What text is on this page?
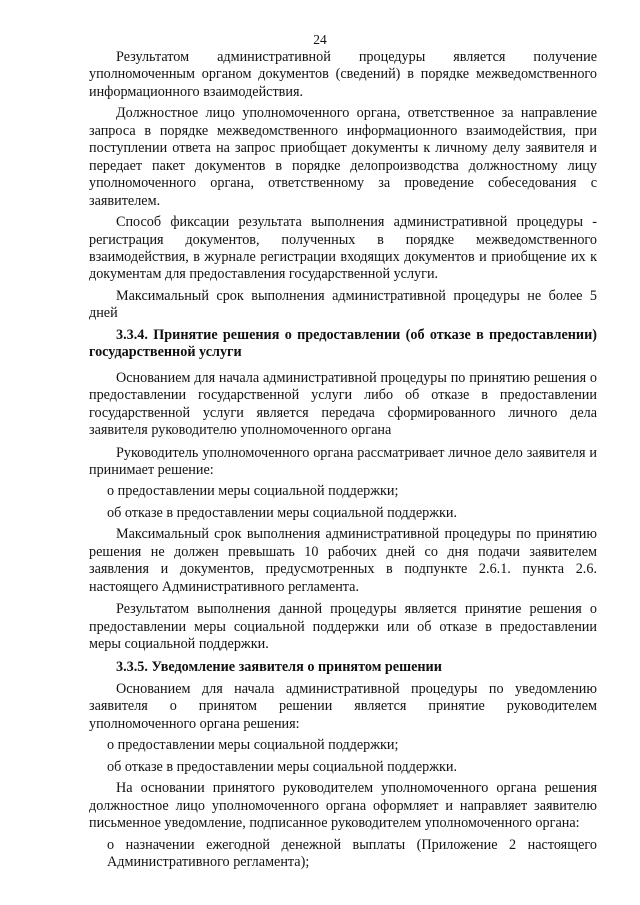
24

Результатом административной процедуры является получение уполномоченным органом документов (сведений) в порядке межведомственного информационного взаимодействия.

Должностное лицо уполномоченного органа, ответственное за направление запроса в порядке межведомственного информационного взаимодействия, при поступлении ответа на запрос приобщает документы к личному делу заявителя и передает пакет документов в порядке делопроизводства должностному лицу уполномоченного органа, ответственному за проведение собеседования с заявителем.

Способ фиксации результата выполнения административной процедуры - регистрация документов, полученных в порядке межведомственного взаимодействия, в журнале регистрации входящих документов и приобщение их к документам для предоставления государственной услуги.

Максимальный срок выполнения административной процедуры не более 5 дней

3.3.4. Принятие решения о предоставлении (об отказе в предоставлении) государственной услуги

Основанием для начала административной процедуры по принятию решения о предоставлении государственной услуги либо об отказе в предоставлении государственной услуги является передача сформированного личного дела заявителя руководителю уполномоченного органа

Руководитель уполномоченного органа рассматривает личное дело заявителя и принимает решение:

о предоставлении меры социальной поддержки;

об отказе в предоставлении меры социальной поддержки.

Максимальный срок выполнения административной процедуры по принятию решения не должен превышать 10 рабочих дней со дня подачи заявителем заявления и документов, предусмотренных в подпункте 2.6.1. пункта 2.6. настоящего Административного регламента.

Результатом выполнения данной процедуры является принятие решения о предоставлении меры социальной поддержки или об отказе в предоставлении меры социальной поддержки.

3.3.5. Уведомление заявителя о принятом решении

Основанием для начала административной процедуры по уведомлению заявителя о принятом решении является принятие руководителем уполномоченного органа решения:

о предоставлении меры социальной поддержки;

об отказе в предоставлении меры социальной поддержки.

На основании принятого руководителем уполномоченного органа решения должностное лицо уполномоченного органа оформляет и направляет заявителю письменное уведомление, подписанное руководителем уполномоченного органа:

о назначении ежегодной денежной выплаты (Приложение 2 настоящего Административного регламента);
